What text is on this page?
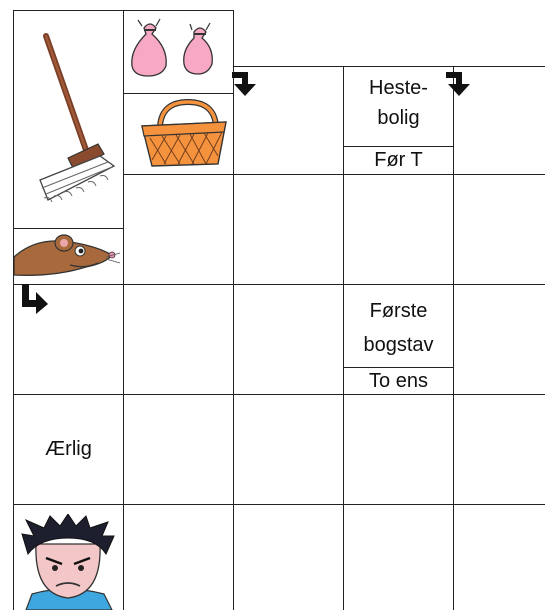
Heste-
bolig
Før T
Første
bogstav
To ens
Ærlig
